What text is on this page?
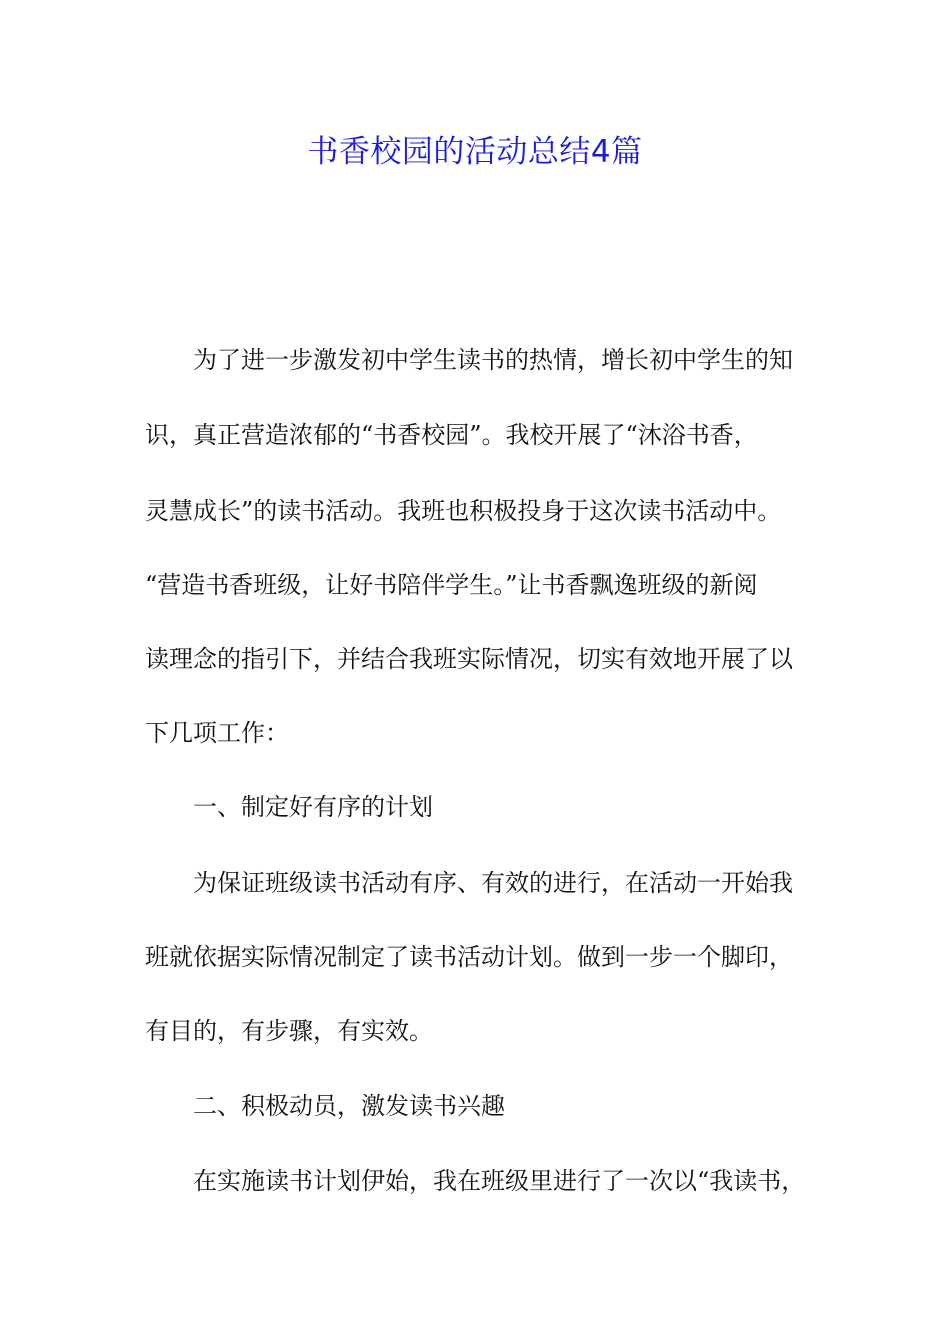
书香校园的活动总结4篇
为了进一步激发初中学生读书的热情，增长初中学生的知
识，真正营造浓郁的“书香校园”。我校开展了“沐浴书香，
灵慧成长”的读书活动。我班也积极投身于这次读书活动中。
“营造书香班级，让好书陪伴学生。”让书香飘逸班级的新阅
读理念的指引下，并结合我班实际情况，切实有效地开展了以
下几项工作：
一、制定好有序的计划
为保证班级读书活动有序、有效的进行，在活动一开始我
班就依据实际情况制定了读书活动计划。做到一步一个脚印，
有目的，有步骤，有实效。
二、积极动员，激发读书兴趣
在实施读书计划伊始，我在班级里进行了一次以“我读书，
